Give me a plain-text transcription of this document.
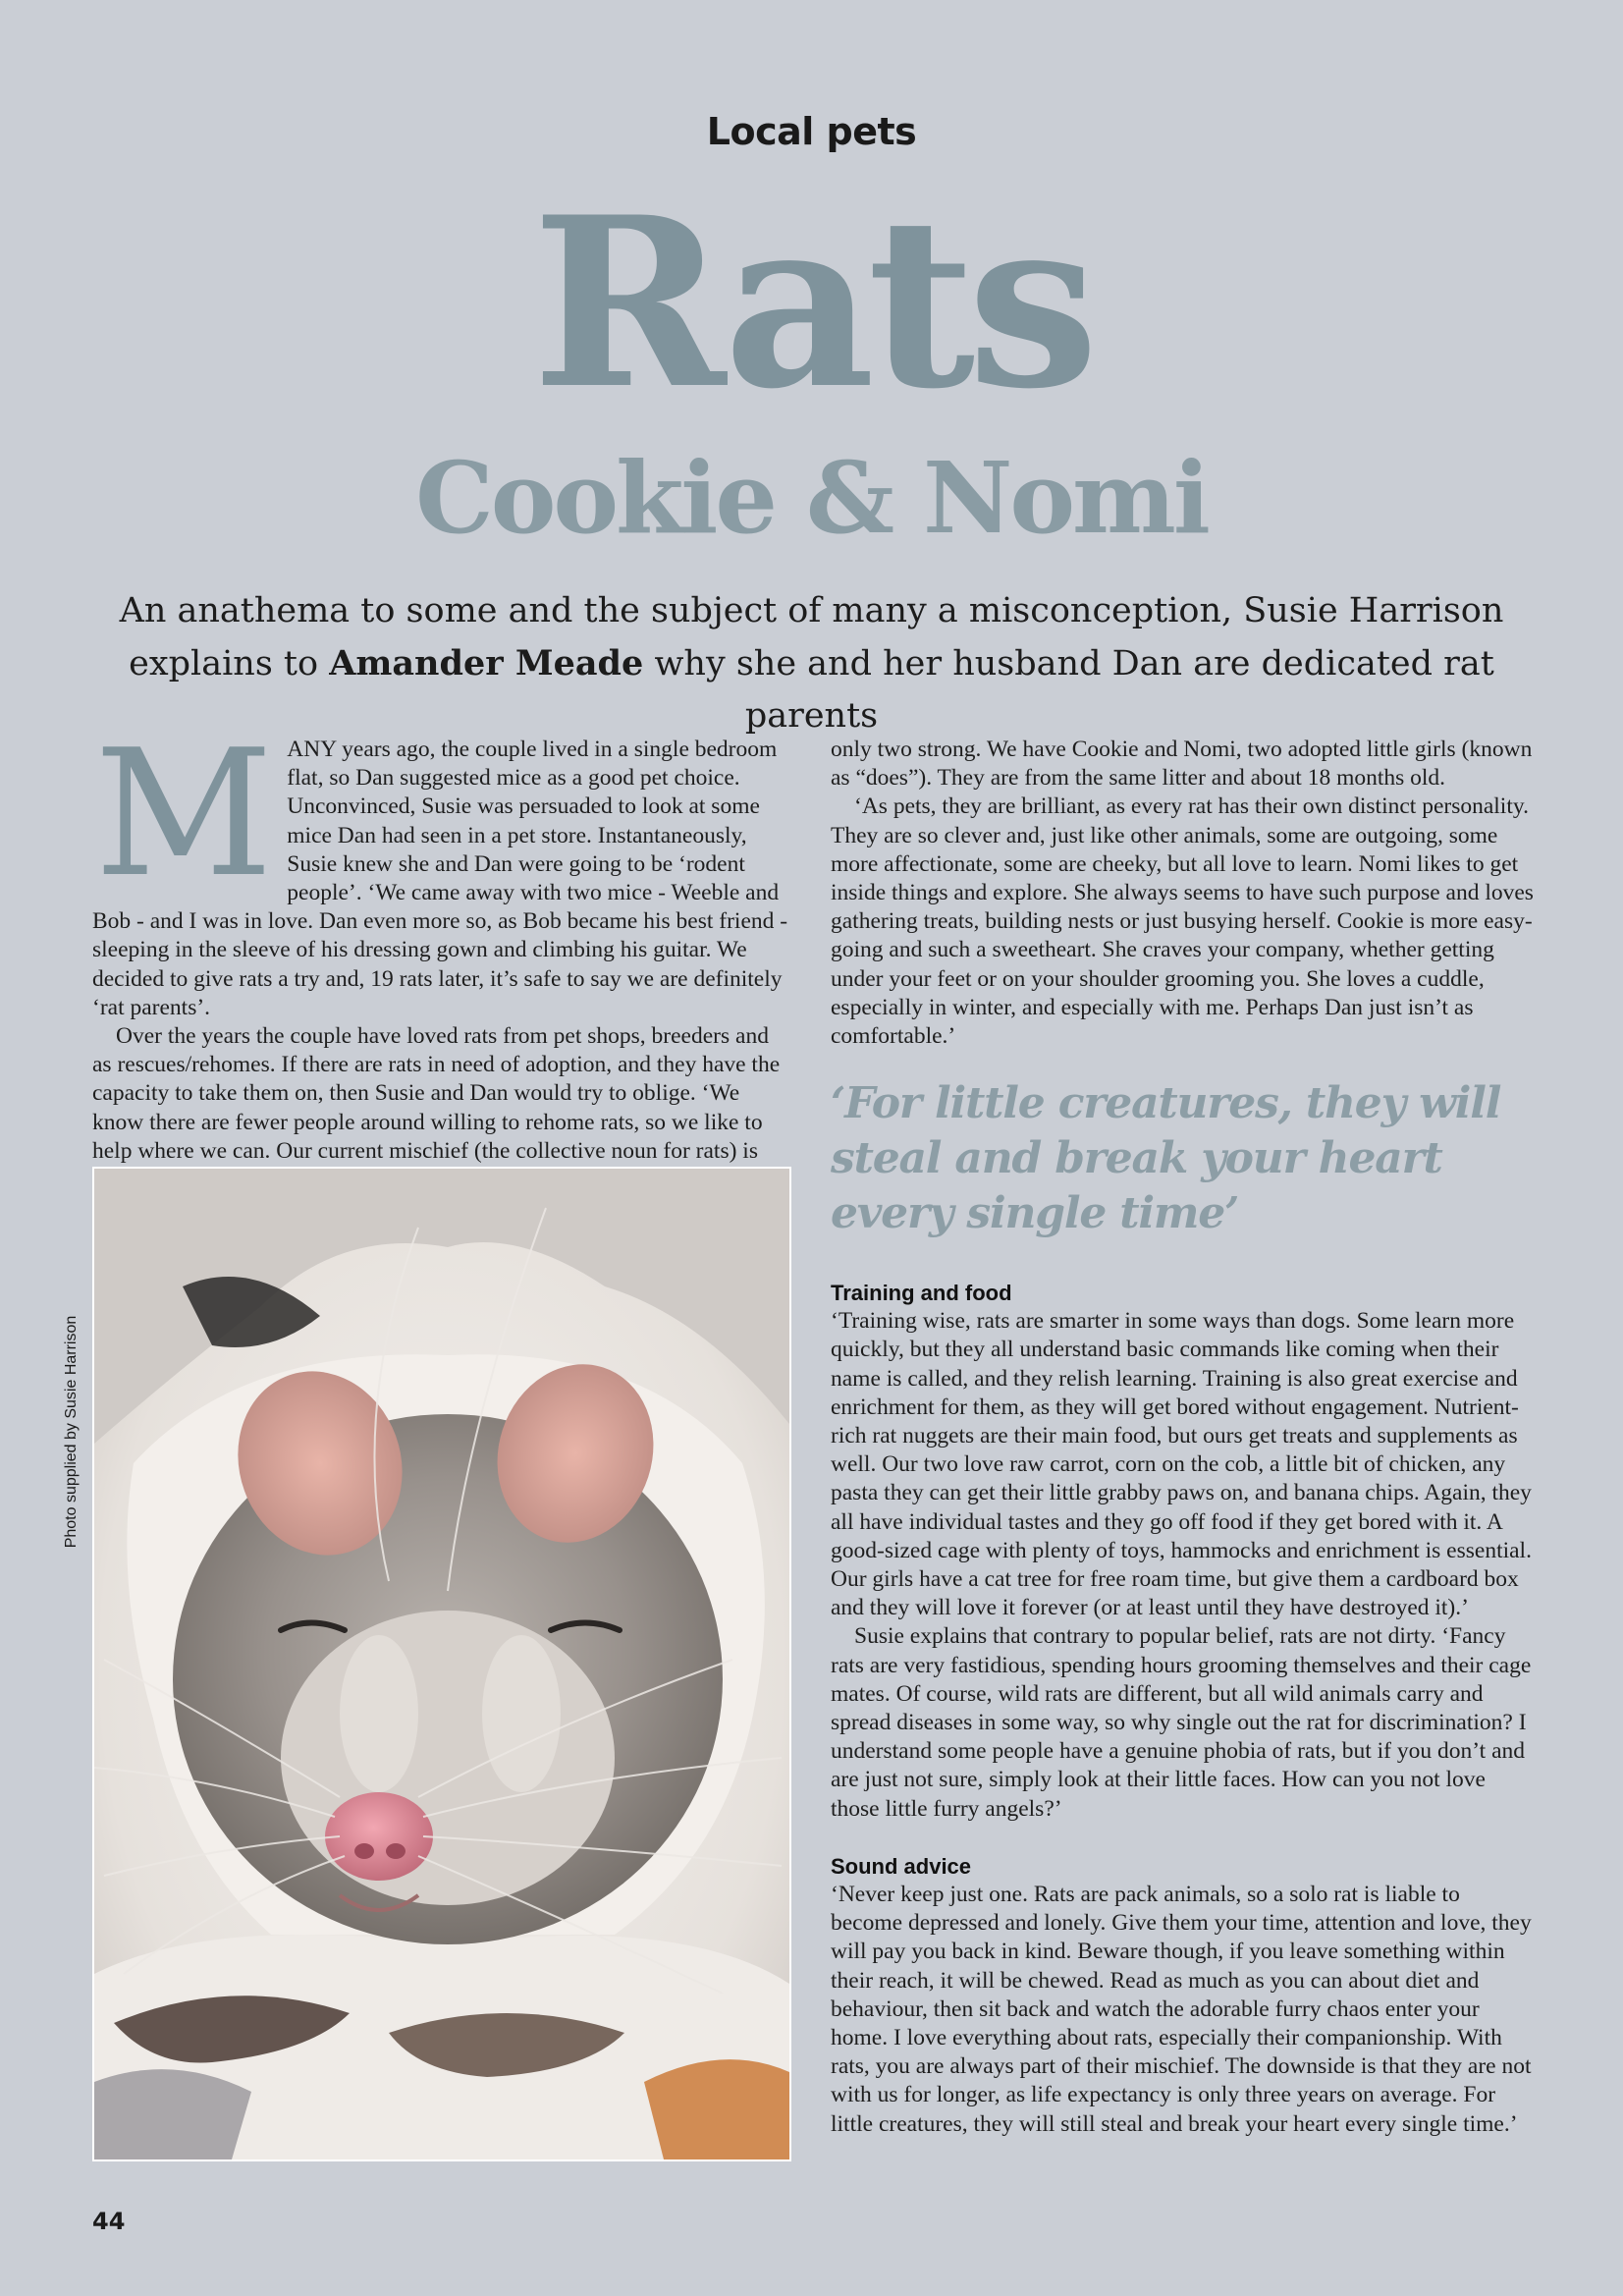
Local pets
Rats
Cookie & Nomi
An anathema to some and the subject of many a misconception, Susie Harrison explains to Amander Meade why she and her husband Dan are dedicated rat parents

MANY years ago, the couple lived in a single bedroom flat, so Dan suggested mice as a good pet choice. Unconvinced, Susie was persuaded to look at some mice Dan had seen in a pet store. Instantaneously, Susie knew she and Dan were going to be ‘rodent people’. ‘We came away with two mice - Weeble and Bob - and I was in love. Dan even more so, as Bob became his best friend - sleeping in the sleeve of his dressing gown and climbing his guitar. We decided to give rats a try and, 19 rats later, it’s safe to say we are definitely ‘rat parents’.

Over the years the couple have loved rats from pet shops, breeders and as rescues/rehomes. If there are rats in need of adoption, and they have the capacity to take them on, then Susie and Dan would try to oblige. ‘We know there are fewer people around willing to rehome rats, so we like to help where we can. Our current mischief (the collective noun for rats) is

only two strong. We have Cookie and Nomi, two adopted little girls (known as “does”). They are from the same litter and about 18 months old.

‘As pets, they are brilliant, as every rat has their own distinct personality. They are so clever and, just like other animals, some are outgoing, some more affectionate, some are cheeky, but all love to learn. Nomi likes to get inside things and explore. She always seems to have such purpose and loves gathering treats, building nests or just busying herself. Cookie is more easy-going and such a sweetheart. She craves your company, whether getting under your feet or on your shoulder grooming you. She loves a cuddle, especially in winter, and especially with me. Perhaps Dan just isn’t as comfortable.’

‘For little creatures, they will steal and break your heart every single time’

Training and food

‘Training wise, rats are smarter in some ways than dogs. Some learn more quickly, but they all understand basic commands like coming when their name is called, and they relish learning. Training is also great exercise and enrichment for them, as they will get bored without engagement. Nutrient-rich rat nuggets are their main food, but ours get treats and supplements as well. Our two love raw carrot, corn on the cob, a little bit of chicken, any pasta they can get their little grabby paws on, and banana chips. Again, they all have individual tastes and they go off food if they get bored with it. A good-sized cage with plenty of toys, hammocks and enrichment is essential. Our girls have a cat tree for free roam time, but give them a cardboard box and they will love it forever (or at least until they have destroyed it).’

Susie explains that contrary to popular belief, rats are not dirty. ‘Fancy rats are very fastidious, spending hours grooming themselves and their cage mates. Of course, wild rats are different, but all wild animals carry and spread diseases in some way, so why single out the rat for discrimination? I understand some people have a genuine phobia of rats, but if you don’t and are just not sure, simply look at their little faces. How can you not love those little furry angels?’

Sound advice

‘Never keep just one. Rats are pack animals, so a solo rat is liable to become depressed and lonely. Give them your time, attention and love, they will pay you back in kind. Beware though, if you leave something within their reach, it will be chewed. Read as much as you can about diet and behaviour, then sit back and watch the adorable furry chaos enter your home. I love everything about rats, especially their companionship. With rats, you are always part of their mischief. The downside is that they are not with us for longer, as life expectancy is only three years on average. For little creatures, they will still steal and break your heart every single time.’

Photo supplied by Susie Harrison
44
